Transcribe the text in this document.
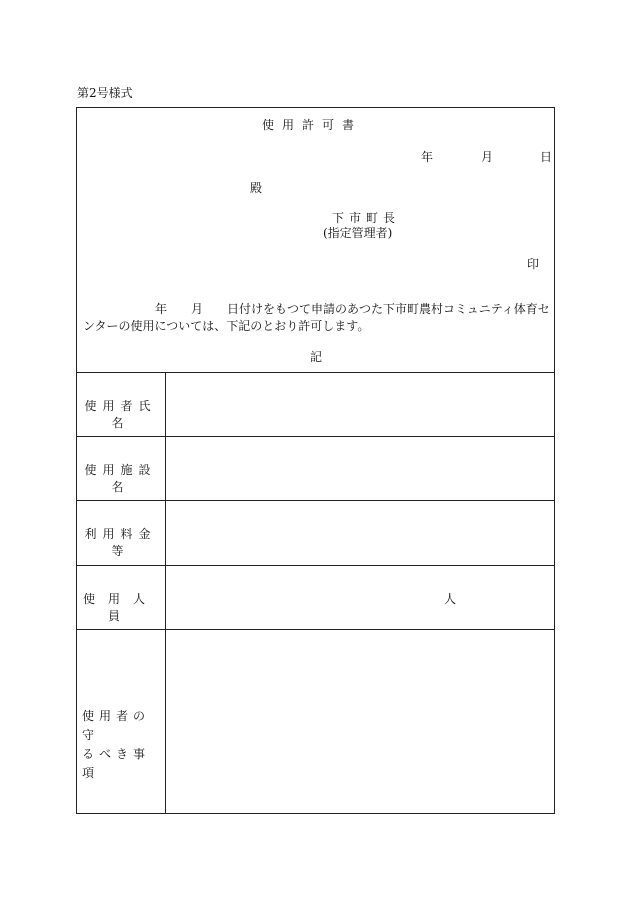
第2号様式
使用許可書
年	月	日
殿
下市町長
(指定管理者)
印
年 月 日付けをもつて申請のあつた下市町農村コミュニティ体育セ
ンターの使用については、下記のとおり許可します。
記
使用者氏名
使用施設名
利用料金等
使用人員
人
使用者の守
るべき事項
